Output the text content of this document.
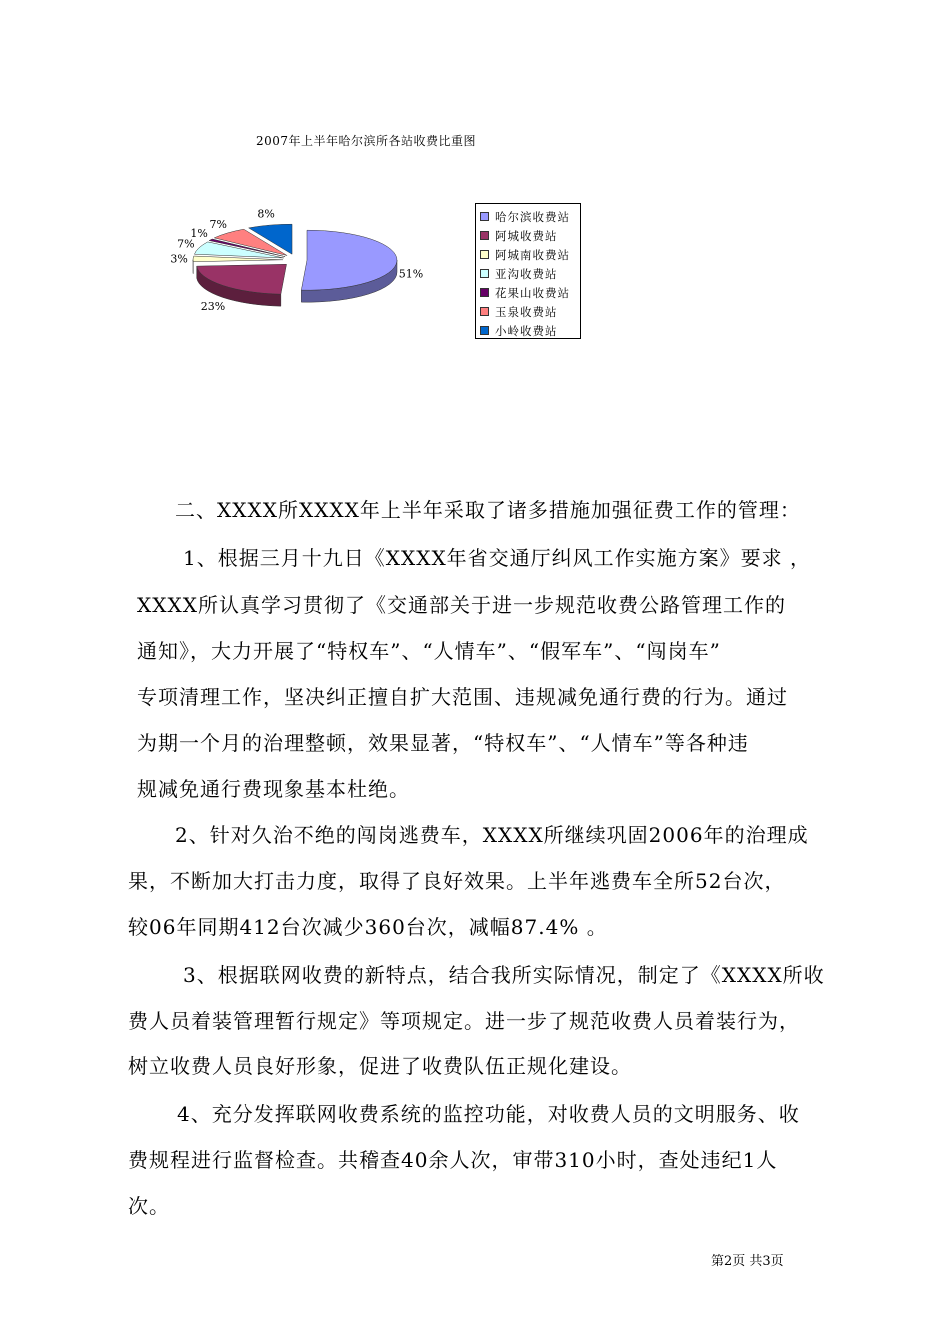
2007年上半年哈尔滨所各站收费比重图
51%
23%
3%
7%
1%
7%
8%	哈尔滨收费站
阿城收费站
阿城南收费站
亚沟收费站
花果山收费站
玉泉收费站
小岭收费站
二、XXXX所XXXX年上半年采取了诸多措施加强征费工作的管理：
1、根据三月十九日《XXXX年省交通厅纠风工作实施方案》要求 ，
XXXX所认真学习贯彻了《交通部关于进一步规范收费公路管理工作的
通知》，大力开展了“特权车”、“人情车”、“假军车”、“闯岗车”
专项清理工作，坚决纠正擅自扩大范围、违规减免通行费的行为。通过
为期一个月的治理整顿，效果显著，“特权车”、“人情车”等各种违
规减免通行费现象基本杜绝。
2、针对久治不绝的闯岗逃费车，XXXX所继续巩固2006年的治理成
果，不断加大打击力度，取得了良好效果。上半年逃费车全所52台次，
较06年同期412台次减少360台次，减幅87.4% 。
3、根据联网收费的新特点，结合我所实际情况，制定了《XXXX所收
费人员着装管理暂行规定》等项规定。进一步了规范收费人员着装行为，
树立收费人员良好形象，促进了收费队伍正规化建设。
4、充分发挥联网收费系统的监控功能，对收费人员的文明服务、收
费规程进行监督检查。共稽查40余人次，审带310小时，查处违纪1人
次。
第2页 共3页
